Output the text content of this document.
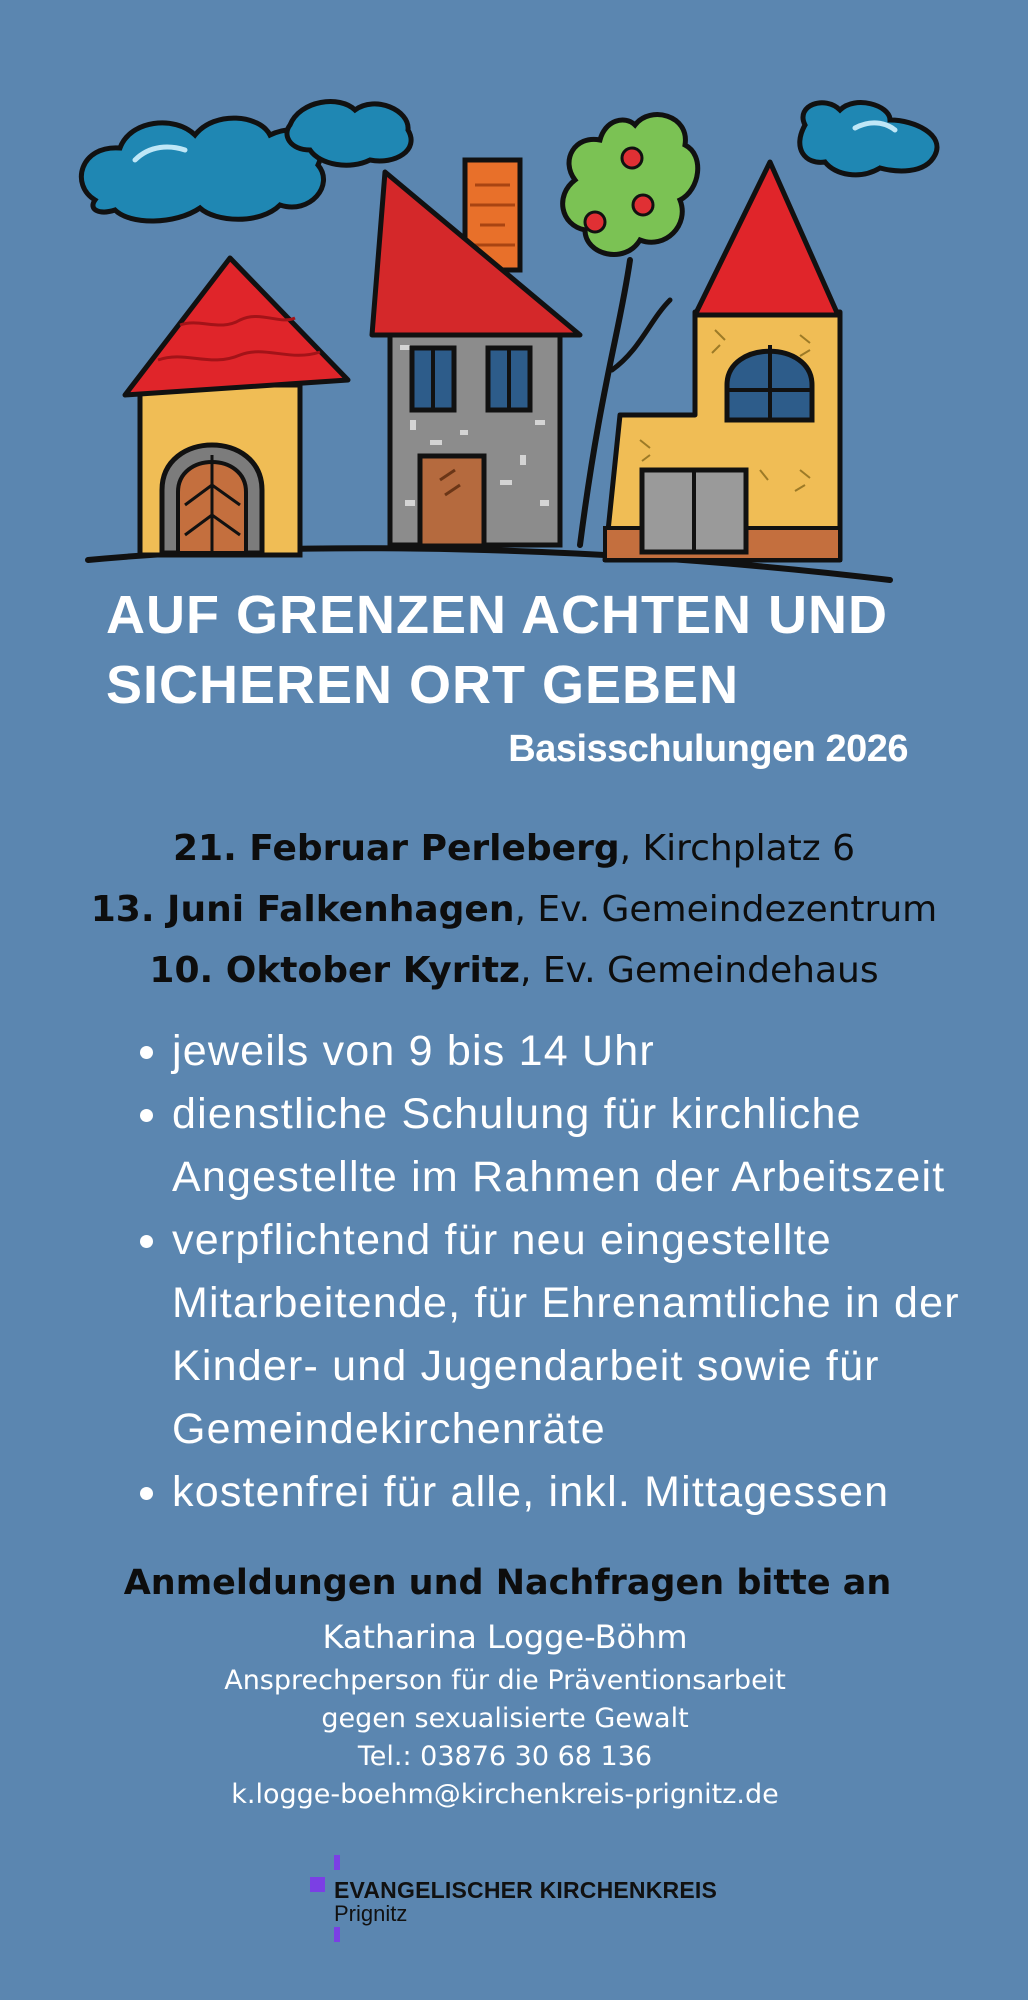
AUF GRENZEN ACHTEN UND
SICHEREN ORT GEBEN
Basisschulungen 2026
21. Februar Perleberg, Kirchplatz 6
13. Juni Falkenhagen, Ev. Gemeindezentrum
10. Oktober Kyritz, Ev. Gemeindehaus
• jeweils von 9 bis 14 Uhr
• dienstliche Schulung für kirchliche Angestellte im Rahmen der Arbeitszeit
• verpflichtend für neu eingestellte Mitarbeitende, für Ehrenamtliche in der Kinder- und Jugendarbeit sowie für Gemeindekirchenräte
• kostenfrei für alle, inkl. Mittagessen
Anmeldungen und Nachfragen bitte an
Katharina Logge-Böhm
Ansprechperson für die Präventionsarbeit
gegen sexualisierte Gewalt
Tel.: 03876 30 68 136
k.logge-boehm@kirchenkreis-prignitz.de
EVANGELISCHER KIRCHENKREIS
Prignitz
